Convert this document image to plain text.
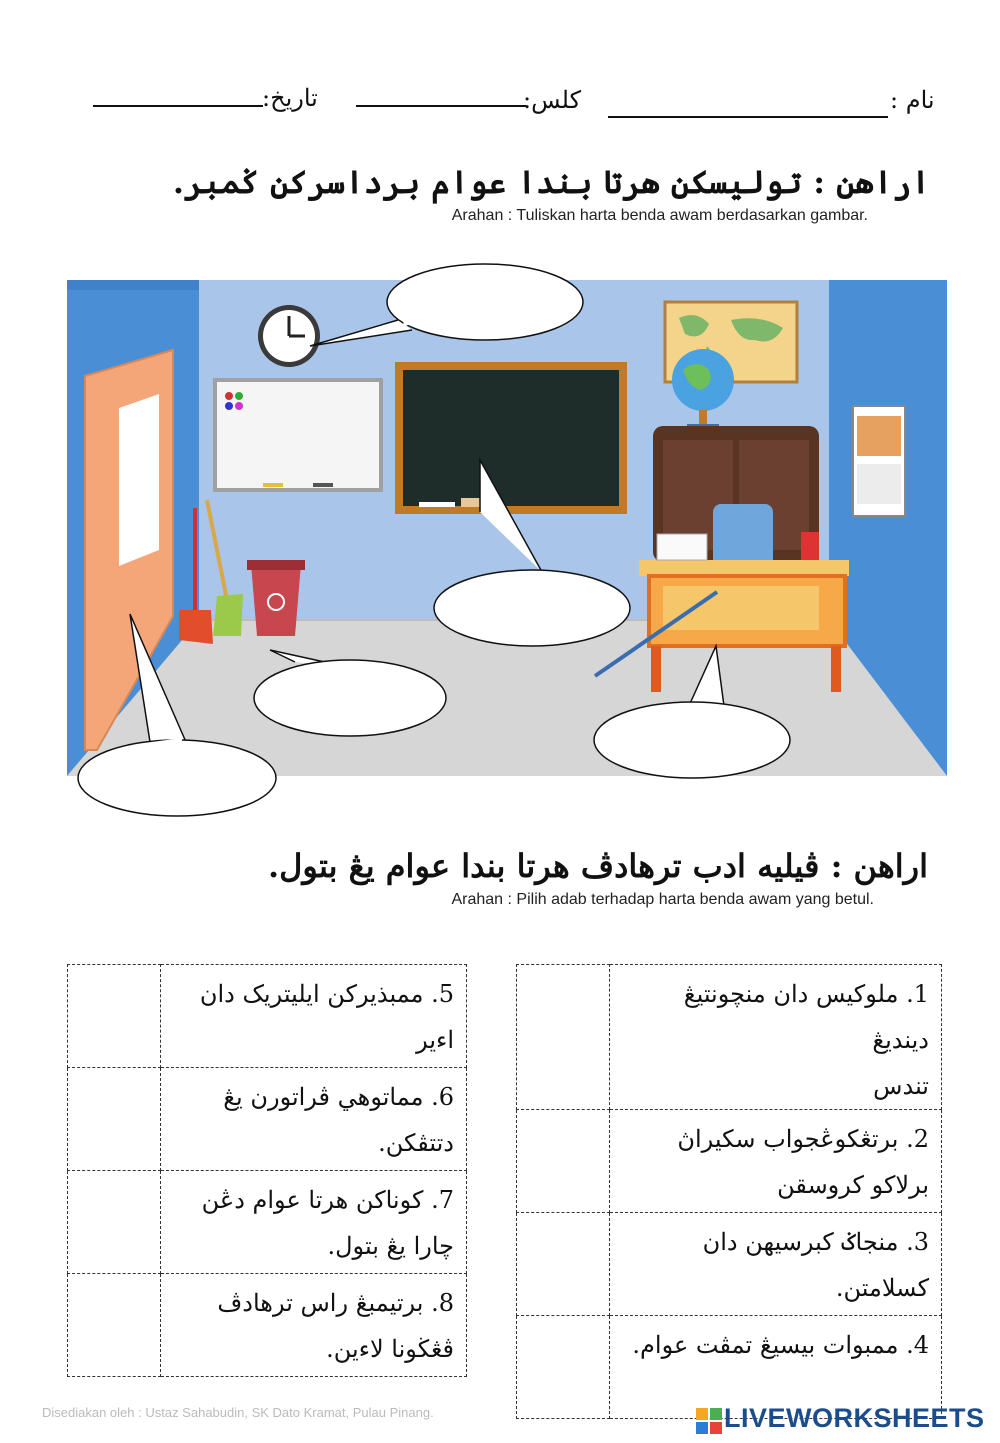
نام :
کلس:
تاريخ:
اراهن : توليسکن هرتا بندا عوام برداسرکن ݢمبر.
Arahan : Tuliskan harta benda awam berdasarkan gambar.
اراهن : ڤيليه ادب ترهادڤ هرتا بندا عوام يڠ بتول.
Arahan : Pilih adab terhadap harta benda awam yang betul.

	5. ممبذيرکن ايليتريک دان
اءير

	6. مماتوهي ڤراتورن يڠ
دتتڤکن.

	7. کوناکن هرتا عوام دڠن
چارا يڠ بتول.

	8. برتيمبڠ راس ترهادڤ
ڤڠڬونا لاءين.

	1. ملوکيس دان منچونتيڠ ديندیڠ
تندس

	2. برتڠکوڠجواب سکيراڽ
برلاکو کروسقن

	3. منجاݢ کبرسيهن دان
کسلامتن.

	4. ممبوات بيسيڠ تمڤت عوام.

Disediakan oleh : Ustaz Sahabudin, SK Dato Kramat, Pulau Pinang.	LIVEWORKSHEETS
